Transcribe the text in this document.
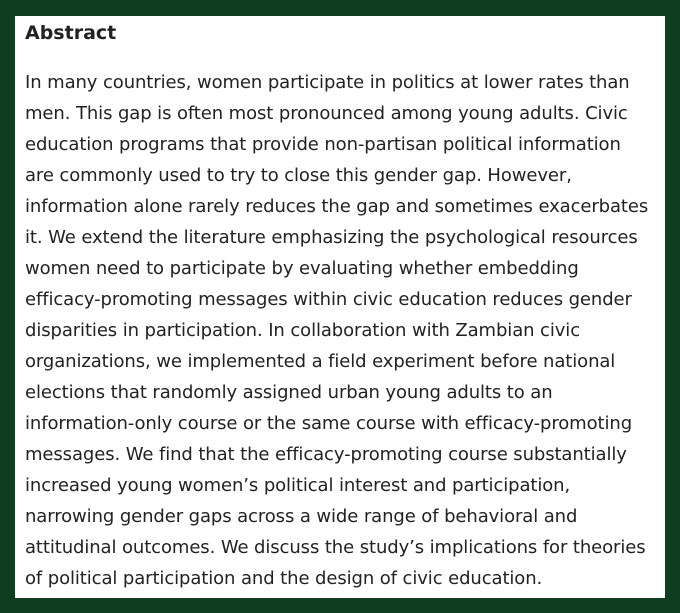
Abstract

In many countries, women participate in politics at lower rates than
men. This gap is often most pronounced among young adults. Civic
education programs that provide non-partisan political information
are commonly used to try to close this gender gap. However,
information alone rarely reduces the gap and sometimes exacerbates
it. We extend the literature emphasizing the psychological resources
women need to participate by evaluating whether embedding
efficacy-promoting messages within civic education reduces gender
disparities in participation. In collaboration with Zambian civic
organizations, we implemented a field experiment before national
elections that randomly assigned urban young adults to an
information-only course or the same course with efficacy-promoting
messages. We find that the efficacy-promoting course substantially
increased young women’s political interest and participation,
narrowing gender gaps across a wide range of behavioral and
attitudinal outcomes. We discuss the study’s implications for theories
of political participation and the design of civic education.
